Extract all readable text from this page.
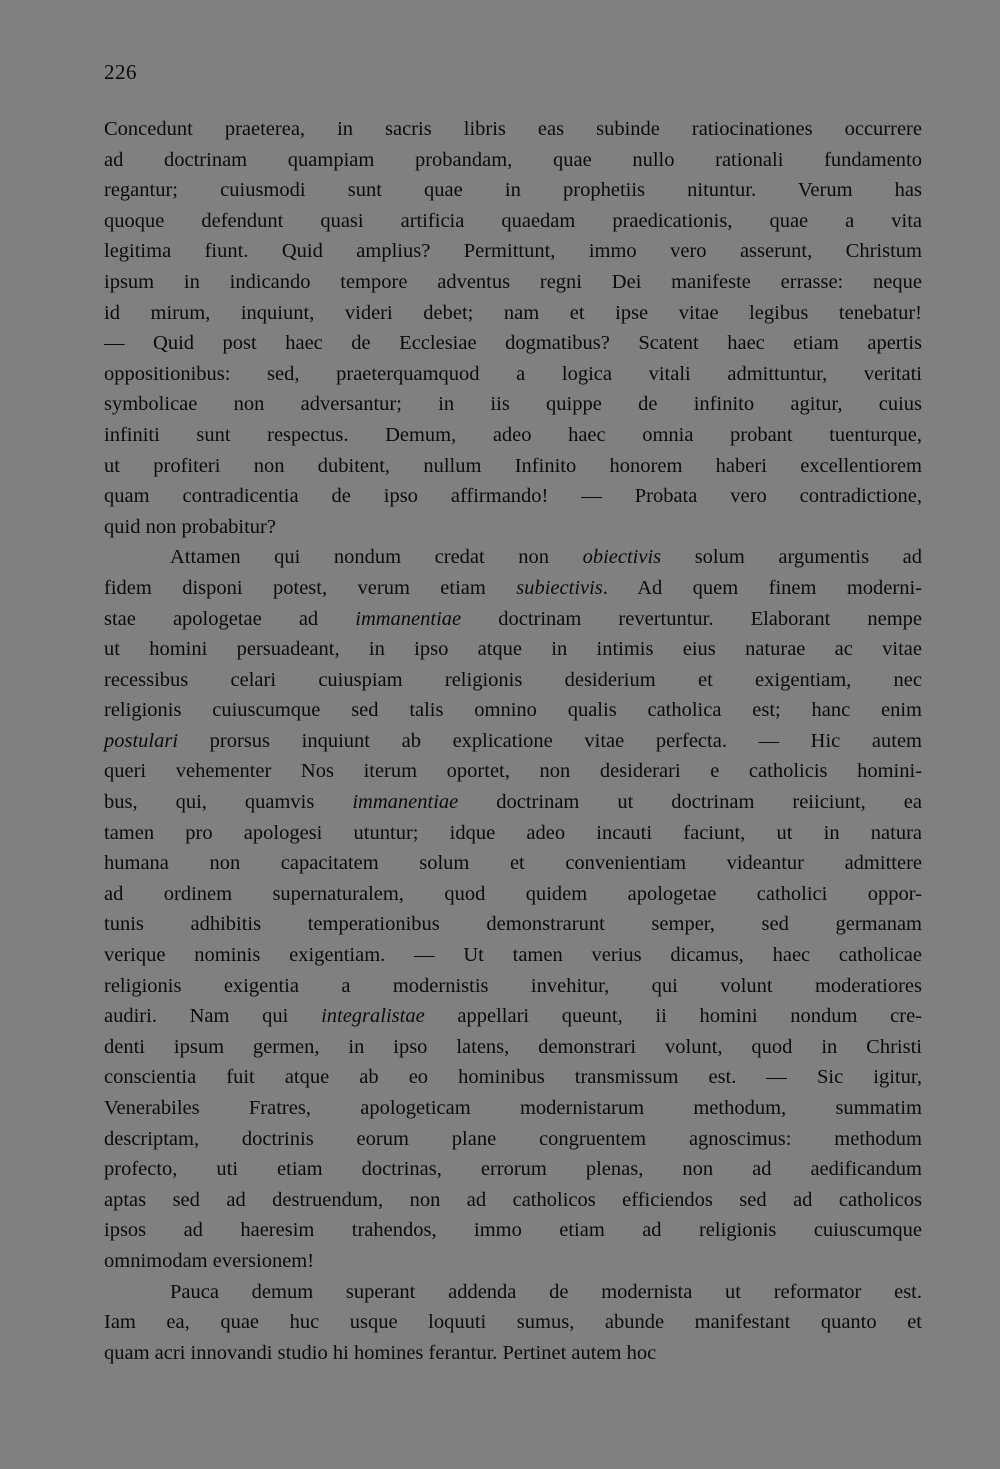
226
Concedunt praeterea, in sacris libris eas subinde ratiocinationes occurrere
ad doctrinam quampiam probandam, quae nullo rationali fundamento
regantur; cuiusmodi sunt quae in prophetiis nituntur. Verum has
quoque defendunt quasi artificia quaedam praedicationis, quae a vita
legitima fiunt. Quid amplius? Permittunt, immo vero asserunt, Christum
ipsum in indicando tempore adventus regni Dei manifeste errasse: neque
id mirum, inquiunt, videri debet; nam et ipse vitae legibus tenebatur!
— Quid post haec de Ecclesiae dogmatibus? Scatent haec etiam apertis
oppositionibus: sed, praeterquamquod a logica vitali admittuntur, veritati
symbolicae non adversantur; in iis quippe de infinito agitur, cuius
infiniti sunt respectus. Demum, adeo haec omnia probant tuenturque,
ut profiteri non dubitent, nullum Infinito honorem haberi excellentiorem
quam contradicentia de ipso affirmando! — Probata vero contradictione,
quid non probabitur?
Attamen qui nondum credat non obiectivis solum argumentis ad
fidem disponi potest, verum etiam subiectivis. Ad quem finem moderni-
stae apologetae ad immanentiae doctrinam revertuntur. Elaborant nempe
ut homini persuadeant, in ipso atque in intimis eius naturae ac vitae
recessibus celari cuiuspiam religionis desiderium et exigentiam, nec
religionis cuiuscumque sed talis omnino qualis catholica est; hanc enim
postulari prorsus inquiunt ab explicatione vitae perfecta. — Hic autem
queri vehementer Nos iterum oportet, non desiderari e catholicis homini-
bus, qui, quamvis immanentiae doctrinam ut doctrinam reiiciunt, ea
tamen pro apologesi utuntur; idque adeo incauti faciunt, ut in natura
humana non capacitatem solum et convenientiam videantur admittere
ad ordinem supernaturalem, quod quidem apologetae catholici oppor-
tunis adhibitis temperationibus demonstrarunt semper, sed germanam
verique nominis exigentiam. — Ut tamen verius dicamus, haec catholicae
religionis exigentia a modernistis invehitur, qui volunt moderatiores
audiri. Nam qui integralistae appellari queunt, ii homini nondum cre-
denti ipsum germen, in ipso latens, demonstrari volunt, quod in Christi
conscientia fuit atque ab eo hominibus transmissum est. — Sic igitur,
Venerabiles Fratres, apologeticam modernistarum methodum, summatim
descriptam, doctrinis eorum plane congruentem agnoscimus: methodum
profecto, uti etiam doctrinas, errorum plenas, non ad aedificandum
aptas sed ad destruendum, non ad catholicos efficiendos sed ad catholicos
ipsos ad haeresim trahendos, immo etiam ad religionis cuiuscumque
omnimodam eversionem!
Pauca demum superant addenda de modernista ut reformator est.
Iam ea, quae huc usque loquuti sumus, abunde manifestant quanto et
quam acri innovandi studio hi homines ferantur. Pertinet autem hoc
